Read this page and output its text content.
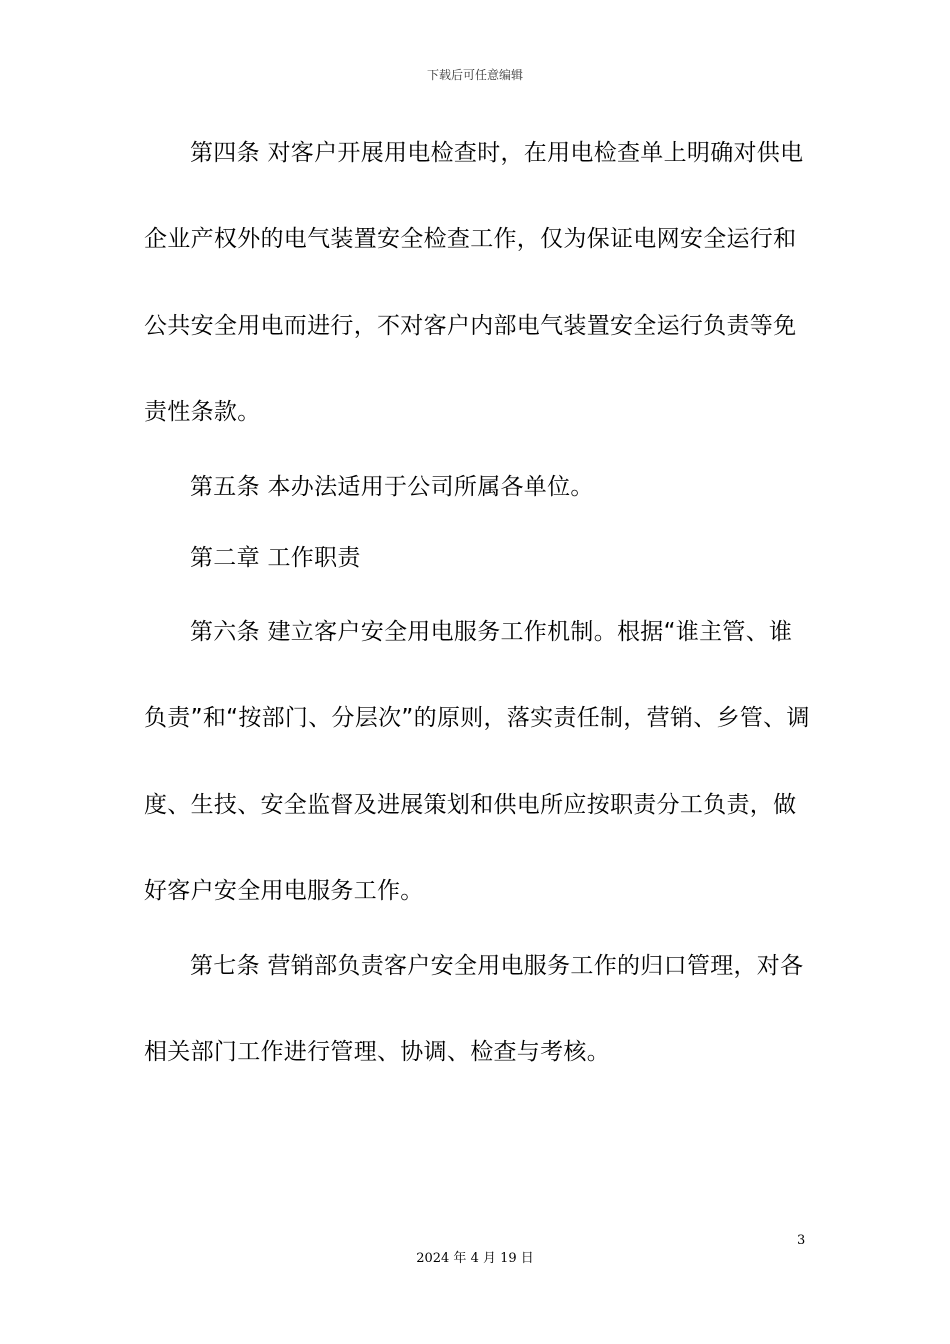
下载后可任意编辑
第四条 对客户开展用电检查时，在用电检查单上明确对供电
企业产权外的电气装置安全检查工作，仅为保证电网安全运行和
公共安全用电而进行，不对客户内部电气装置安全运行负责等免
责性条款。
第五条 本办法适用于公司所属各单位。
第二章 工作职责
第六条 建立客户安全用电服务工作机制。根据“谁主管、谁
负责”和“按部门、分层次”的原则，落实责任制，营销、乡管、调
度、生技、安全监督及进展策划和供电所应按职责分工负责，做
好客户安全用电服务工作。
第七条 营销部负责客户安全用电服务工作的归口管理，对各
相关部门工作进行管理、协调、检查与考核。
3
2024 年 4 月 19 日
